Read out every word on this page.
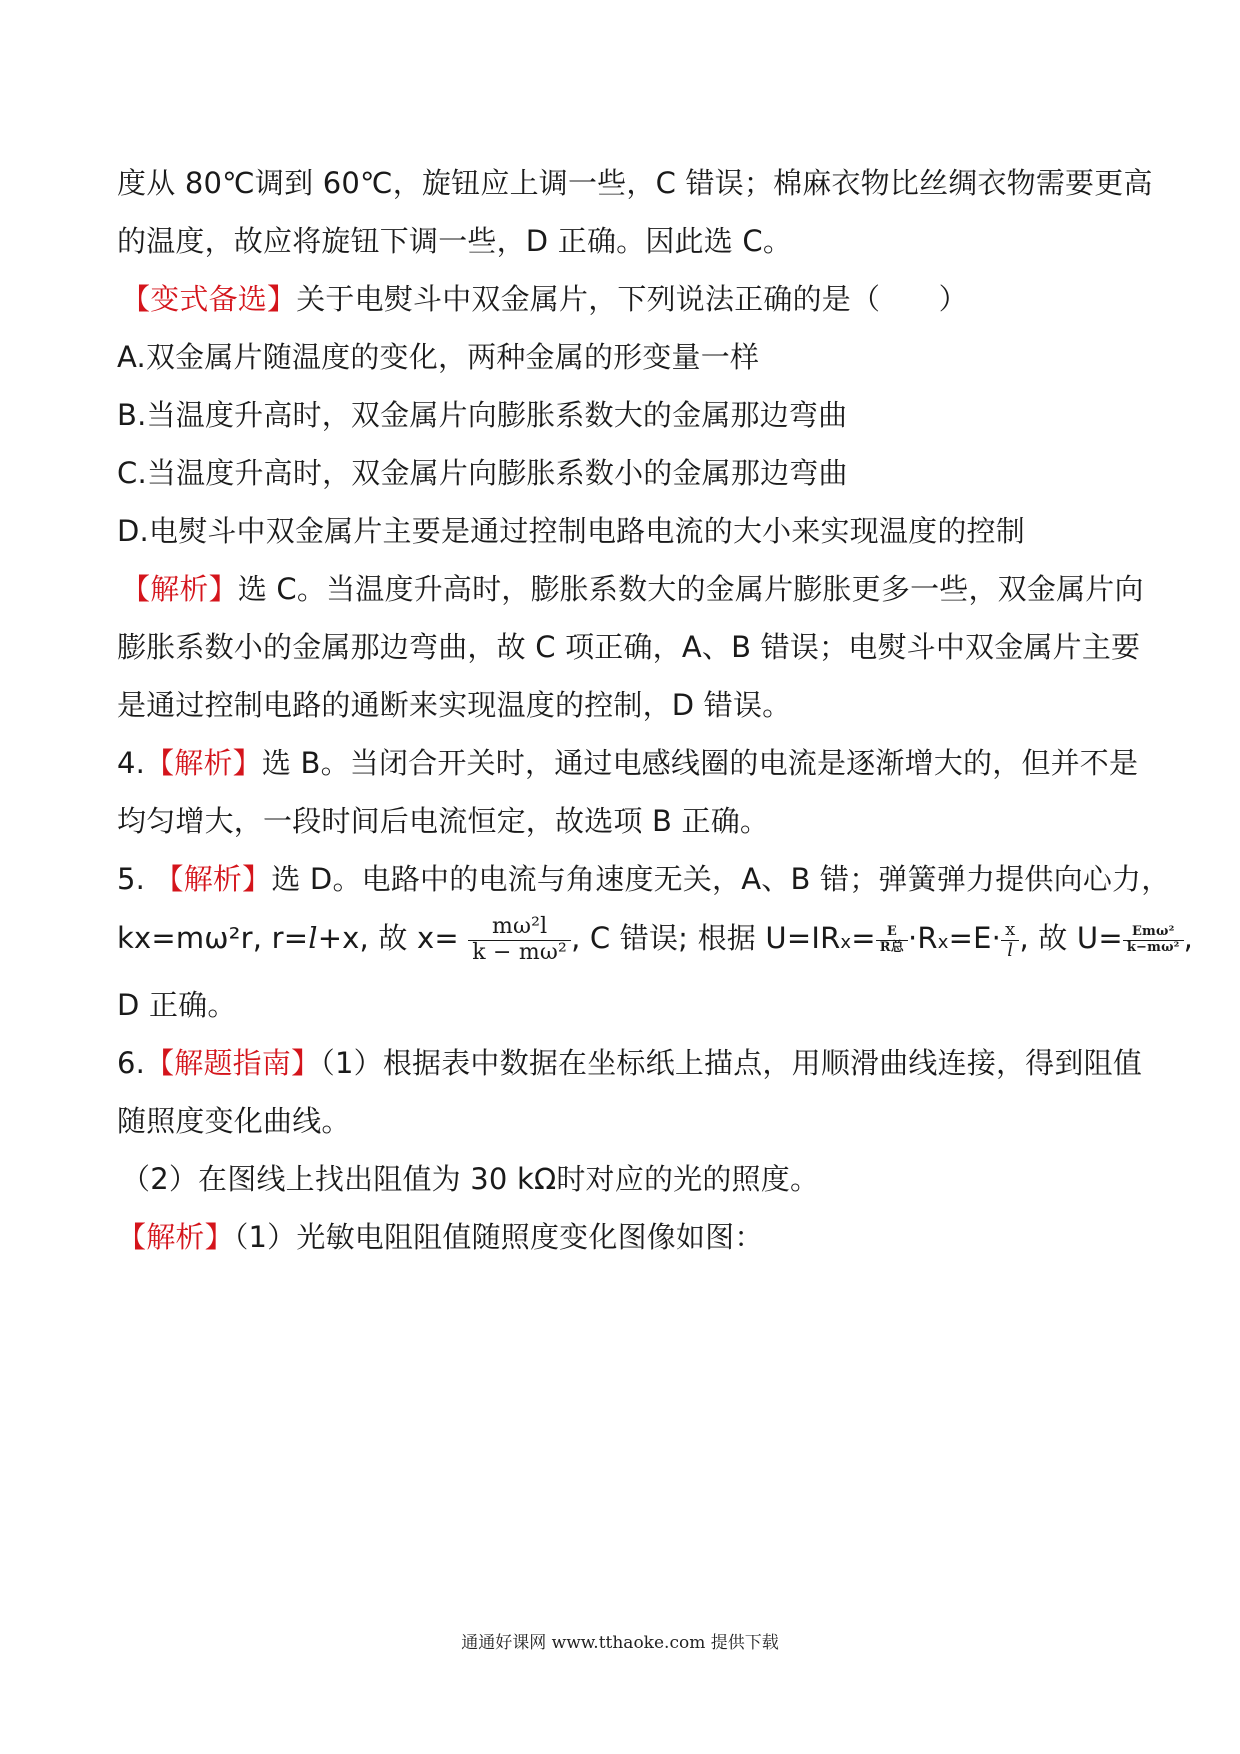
度从 80℃调到 60℃，旋钮应上调一些，C 错误；棉麻衣物比丝绸衣物需要更高
的温度，故应将旋钮下调一些，D 正确。因此选 C。
【变式备选】关于电熨斗中双金属片，下列说法正确的是（　　）
A.双金属片随温度的变化，两种金属的形变量一样
B.当温度升高时，双金属片向膨胀系数大的金属那边弯曲
C.当温度升高时，双金属片向膨胀系数小的金属那边弯曲
D.电熨斗中双金属片主要是通过控制电路电流的大小来实现温度的控制
【解析】选 C。当温度升高时，膨胀系数大的金属片膨胀更多一些，双金属片向
膨胀系数小的金属那边弯曲，故 C 项正确，A、B 错误；电熨斗中双金属片主要
是通过控制电路的通断来实现温度的控制，D 错误。
4.【解析】选 B。当闭合开关时，通过电感线圈的电流是逐渐增大的，但并不是
均匀增大，一段时间后电流恒定，故选项 B 正确。
5. 【解析】选 D。电路中的电流与角速度无关，A、B 错；弹簧弹力提供向心力，
kx=mω²r, r=l+x, 故 $x= \frac{\text{mω²l}}{\text{k − mω²}}$ , C 错误; 根据 $U=IRx= \frac{E}{\text{R总}} \cdot Rx=E\cdot \frac{x}{l}$ , 故 $U= \frac{\text{Emω²}}{\text{k−mω²}}$ ,
D 正确。
6.【解题指南】（1）根据表中数据在坐标纸上描点，用顺滑曲线连接，得到阻值
随照度变化曲线。
（2）在图线上找出阻值为 30 kΩ时对应的光的照度。
【解析】（1）光敏电阻阻值随照度变化图像如图：
通通好课网 www.tthaoke.com 提供下载
